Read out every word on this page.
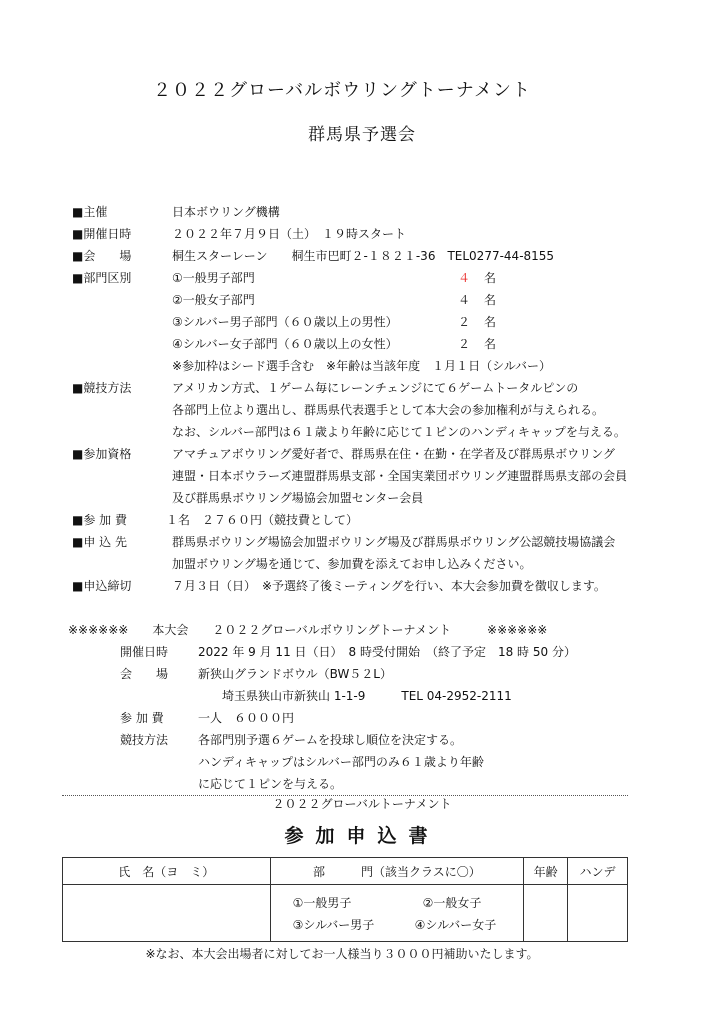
２０２２グローバルボウリングトーナメント
群馬県予選会
■主催	日本ボウリング機構
■開催日時	２０２２年７月９日（土）　１９時スタート
■会　　場	桐生スターレーン　　桐生市巴町２-１８２１-36　TEL0277-44-8155
■部門区別	①一般男子部門	４ 名
②一般女子部門	４ 名
③シルバー男子部門（６０歳以上の男性）	２ 名
④シルバー女子部門（６０歳以上の女性）	２ 名
※参加枠はシード選手含む　※年齢は当該年度　１月１日（シルバー）
■競技方法	アメリカン方式、１ゲーム毎にレーンチェンジにて６ゲームトータルピンの
各部門上位より選出し、群馬県代表選手として本大会の参加権利が与えられる。
なお、シルバー部門は６１歳より年齢に応じて１ピンのハンディキャップを与える。
■参加資格	アマチュアボウリング愛好者で、群馬県在住・在勤・在学者及び群馬県ボウリング
連盟・日本ボウラーズ連盟群馬県支部・全国実業団ボウリング連盟群馬県支部の会員
及び群馬県ボウリング場協会加盟センター会員
■参 加 費	１名　２７６０円（競技費として）
■申 込 先	群馬県ボウリング場協会加盟ボウリング場及び群馬県ボウリング公認競技場協議会
加盟ボウリング場を通じて、参加費を添えてお申し込みください。
■申込締切	７月３日（日）　※予選終了後ミーティングを行い、本大会参加費を徴収します。
※※※※※※　　本大会　　２０２２グローバルボウリングトーナメント　　　※※※※※※
開催日時 2022 年 9 月 11 日（日）　8 時受付開始　（終了予定　18 時 50 分）
会　　場 新狭山グランドボウル（BW５２L）
埼玉県狭山市新狭山 1-1-9　　　TEL 04-2952-2111
参 加 費	一人　６０００円
競技方法 各部門別予選６ゲームを投球し順位を決定する。
ハンディキャップはシルバー部門のみ６１歳より年齢
に応じて１ピンを与える。
２０２２グローバルトーナメント
参加申込書
氏　名（ヨ　ミ）	部　　　門（該当クラスに〇）	年齢	ハンデ

	①一般男子 ②一般女子
③シルバー男子 ④シルバー女子		

※なお、本大会出場者に対してお一人様当り３０００円補助いたします。
